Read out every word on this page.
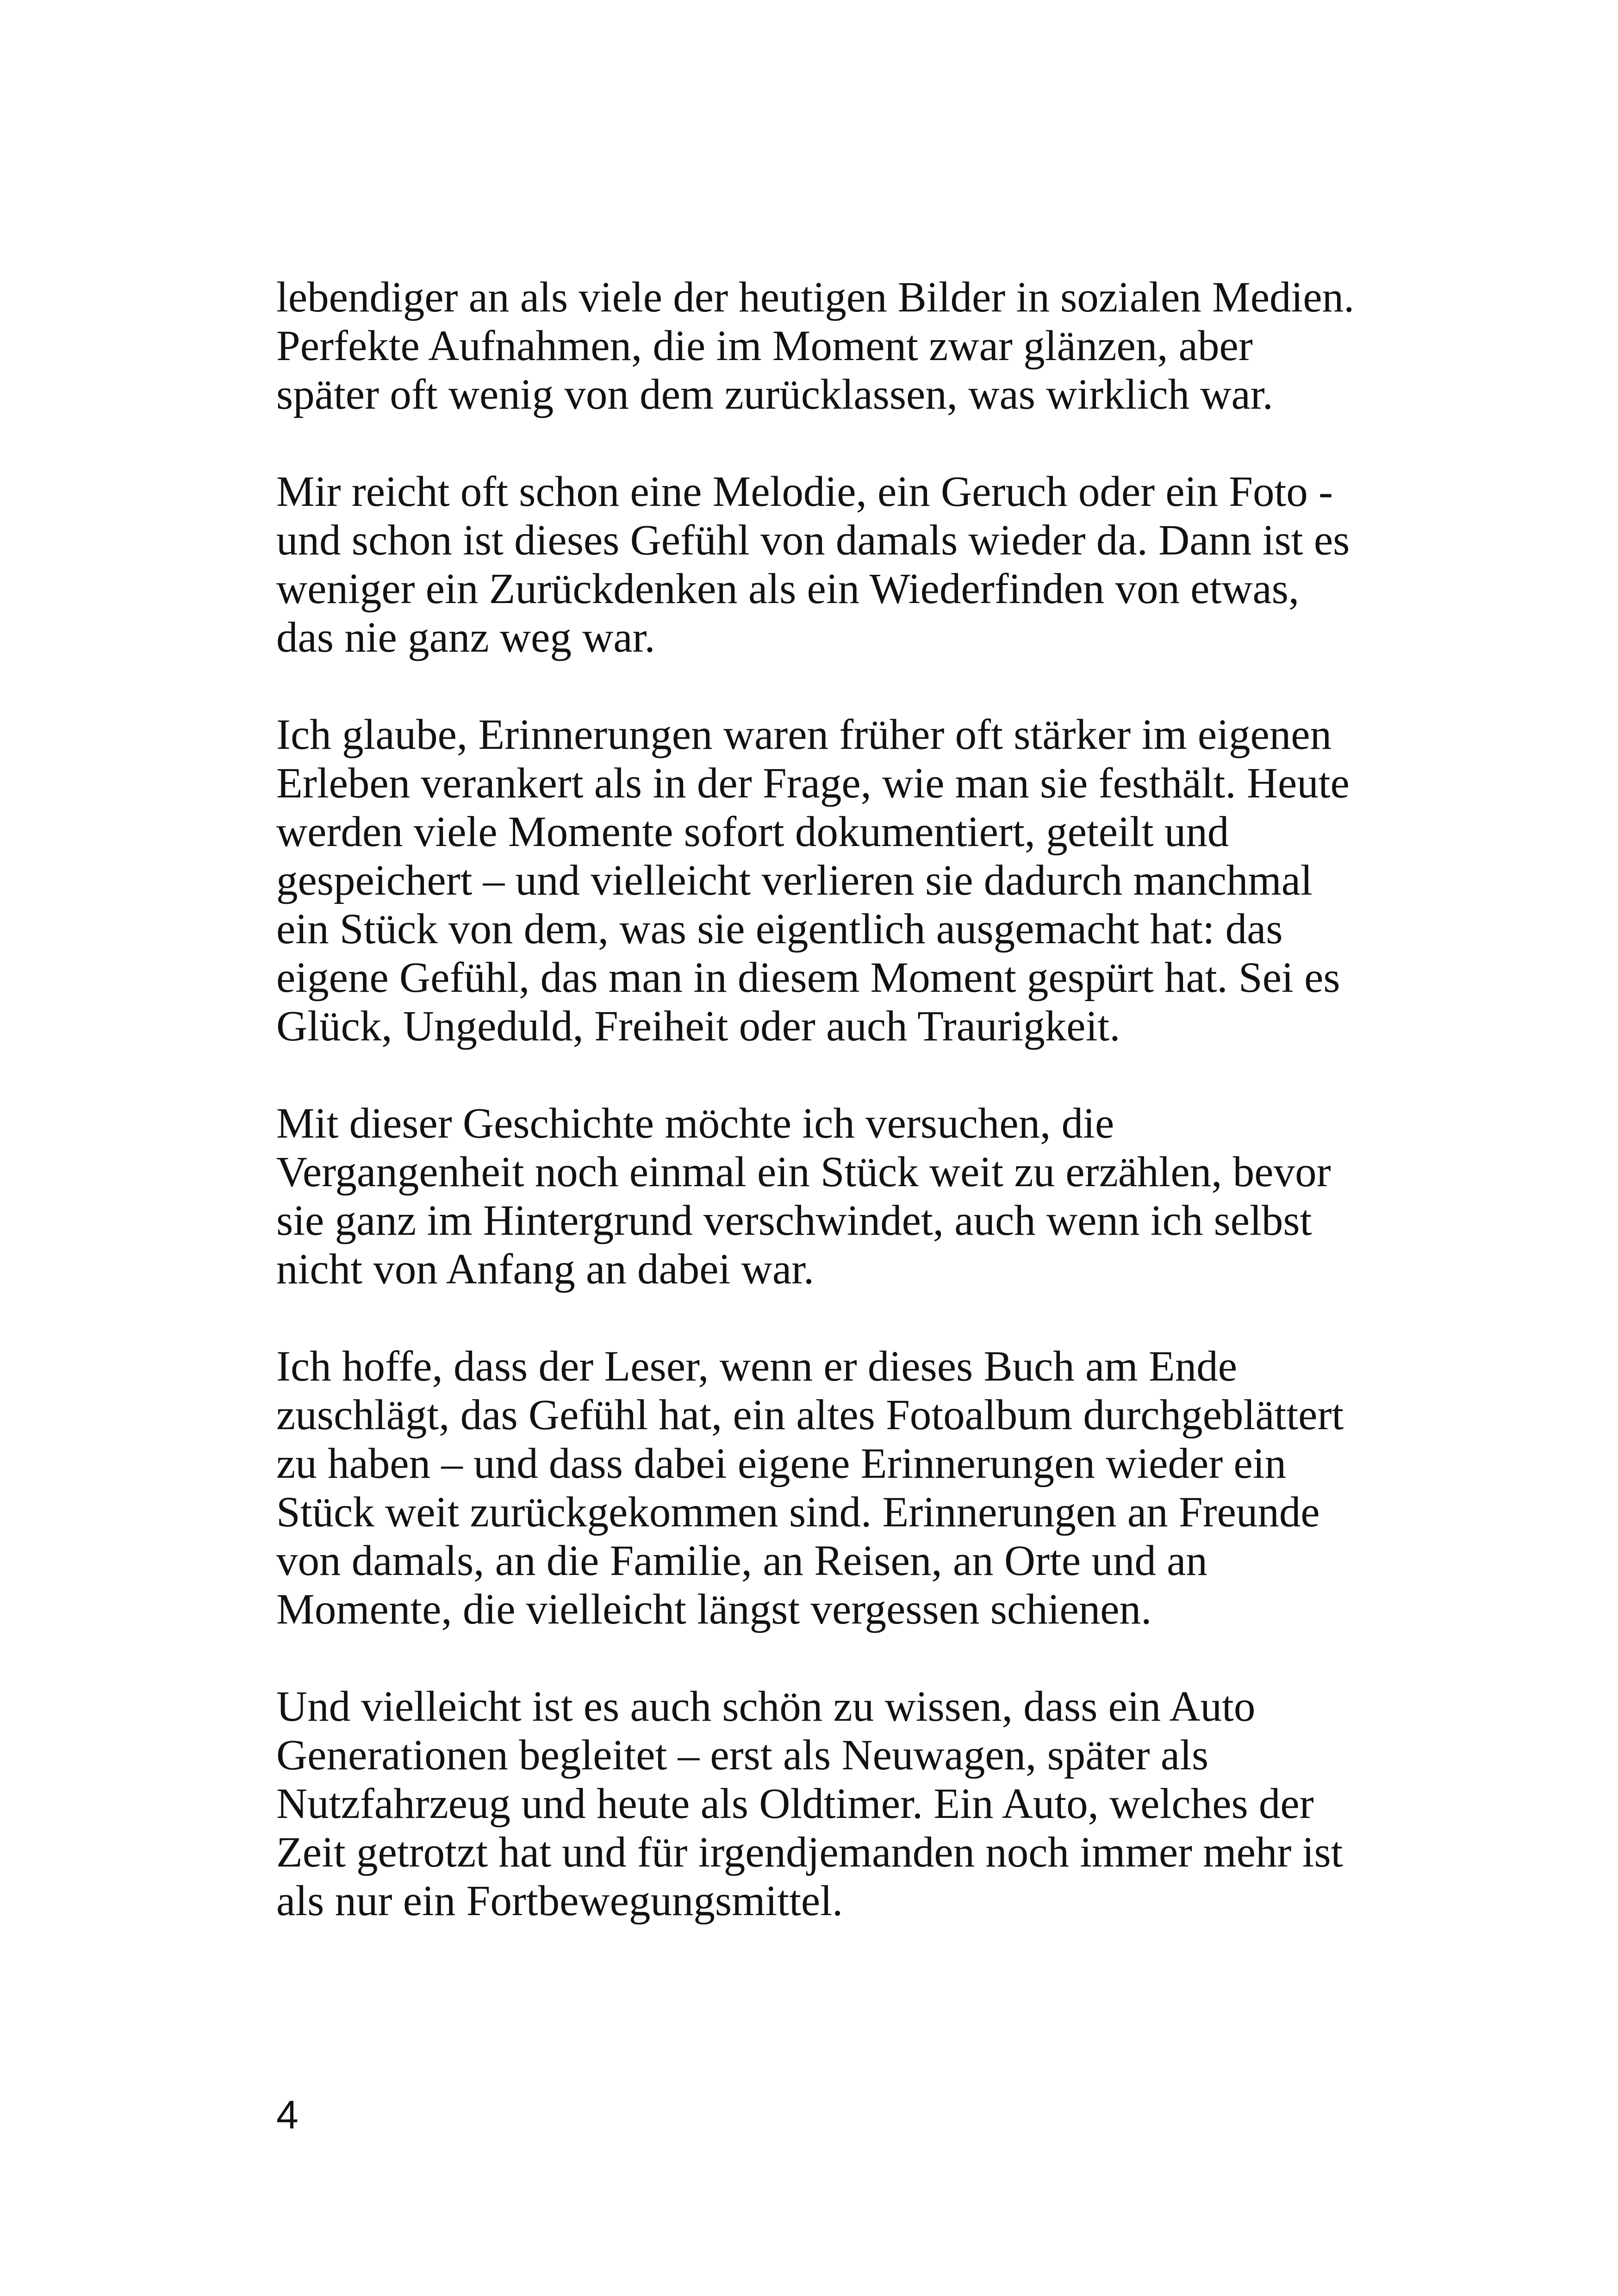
lebendiger an als viele der heutigen Bilder in sozialen Medien.
Perfekte Aufnahmen, die im Moment zwar glänzen, aber
später oft wenig von dem zurücklassen, was wirklich war.

Mir reicht oft schon eine Melodie, ein Geruch oder ein Foto -
und schon ist dieses Gefühl von damals wieder da. Dann ist es
weniger ein Zurückdenken als ein Wiederfinden von etwas,
das nie ganz weg war.

Ich glaube, Erinnerungen waren früher oft stärker im eigenen
Erleben verankert als in der Frage, wie man sie festhält. Heute
werden viele Momente sofort dokumentiert, geteilt und
gespeichert – und vielleicht verlieren sie dadurch manchmal
ein Stück von dem, was sie eigentlich ausgemacht hat: das
eigene Gefühl, das man in diesem Moment gespürt hat. Sei es
Glück, Ungeduld, Freiheit oder auch Traurigkeit.

Mit dieser Geschichte möchte ich versuchen, die
Vergangenheit noch einmal ein Stück weit zu erzählen, bevor
sie ganz im Hintergrund verschwindet, auch wenn ich selbst
nicht von Anfang an dabei war.

Ich hoffe, dass der Leser, wenn er dieses Buch am Ende
zuschlägt, das Gefühl hat, ein altes Fotoalbum durchgeblättert
zu haben – und dass dabei eigene Erinnerungen wieder ein
Stück weit zurückgekommen sind. Erinnerungen an Freunde
von damals, an die Familie, an Reisen, an Orte und an
Momente, die vielleicht längst vergessen schienen.

Und vielleicht ist es auch schön zu wissen, dass ein Auto
Generationen begleitet – erst als Neuwagen, später als
Nutzfahrzeug und heute als Oldtimer. Ein Auto, welches der
Zeit getrotzt hat und für irgendjemanden noch immer mehr ist
als nur ein Fortbewegungsmittel.

4
